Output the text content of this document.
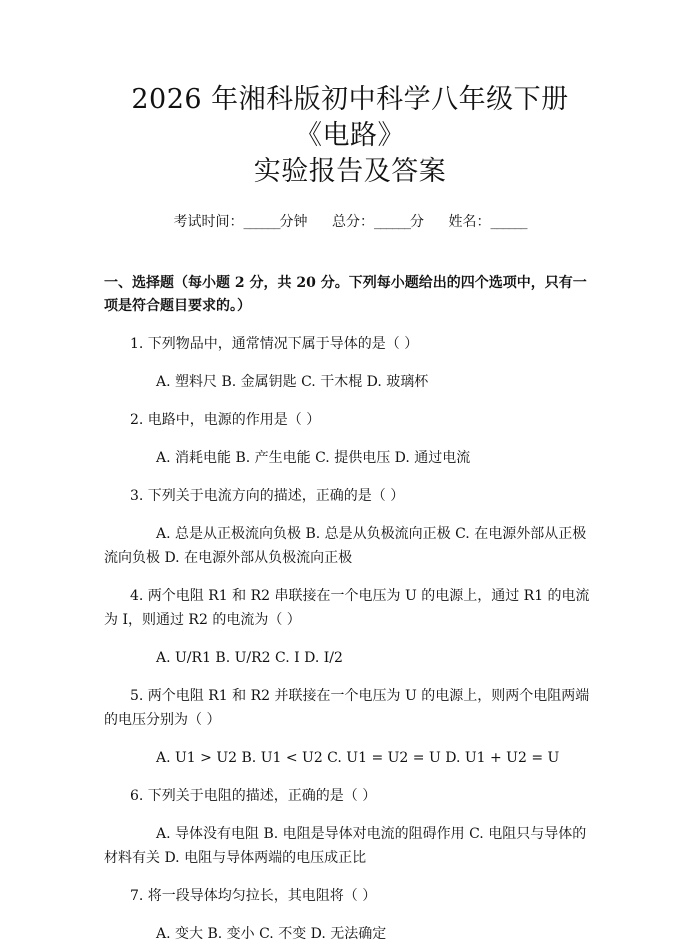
2026 年湘科版初中科学八年级下册《电路》
实验报告及答案
考试时间：______分钟 总分：______分 姓名：______
一、选择题（每小题 2 分，共 20 分。下列每小题给出的四个选项中，只有一项是符合题目要求的。）
1. 下列物品中，通常情况下属于导体的是（ ）
A. 塑料尺 B. 金属钥匙 C. 干木棍 D. 玻璃杯
2. 电路中，电源的作用是（ ）
A. 消耗电能 B. 产生电能 C. 提供电压 D. 通过电流
3. 下列关于电流方向的描述，正确的是（ ）
A. 总是从正极流向负极 B. 总是从负极流向正极 C. 在电源外部从正极流向负极 D. 在电源外部从负极流向正极
4. 两个电阻 R1 和 R2 串联接在一个电压为 U 的电源上，通过 R1 的电流为 I，则通过 R2 的电流为（ ）
A. U/R1 B. U/R2 C. I D. I/2
5. 两个电阻 R1 和 R2 并联接在一个电压为 U 的电源上，则两个电阻两端的电压分别为（ ）
A. U1 > U2 B. U1 < U2 C. U1 = U2 = U D. U1 + U2 = U
6. 下列关于电阻的描述，正确的是（ ）
A. 导体没有电阻 B. 电阻是导体对电流的阻碍作用 C. 电阻只与导体的材料有关 D. 电阻与导体两端的电压成正比
7. 将一段导体均匀拉长，其电阻将（ ）
A. 变大 B. 变小 C. 不变 D. 无法确定
